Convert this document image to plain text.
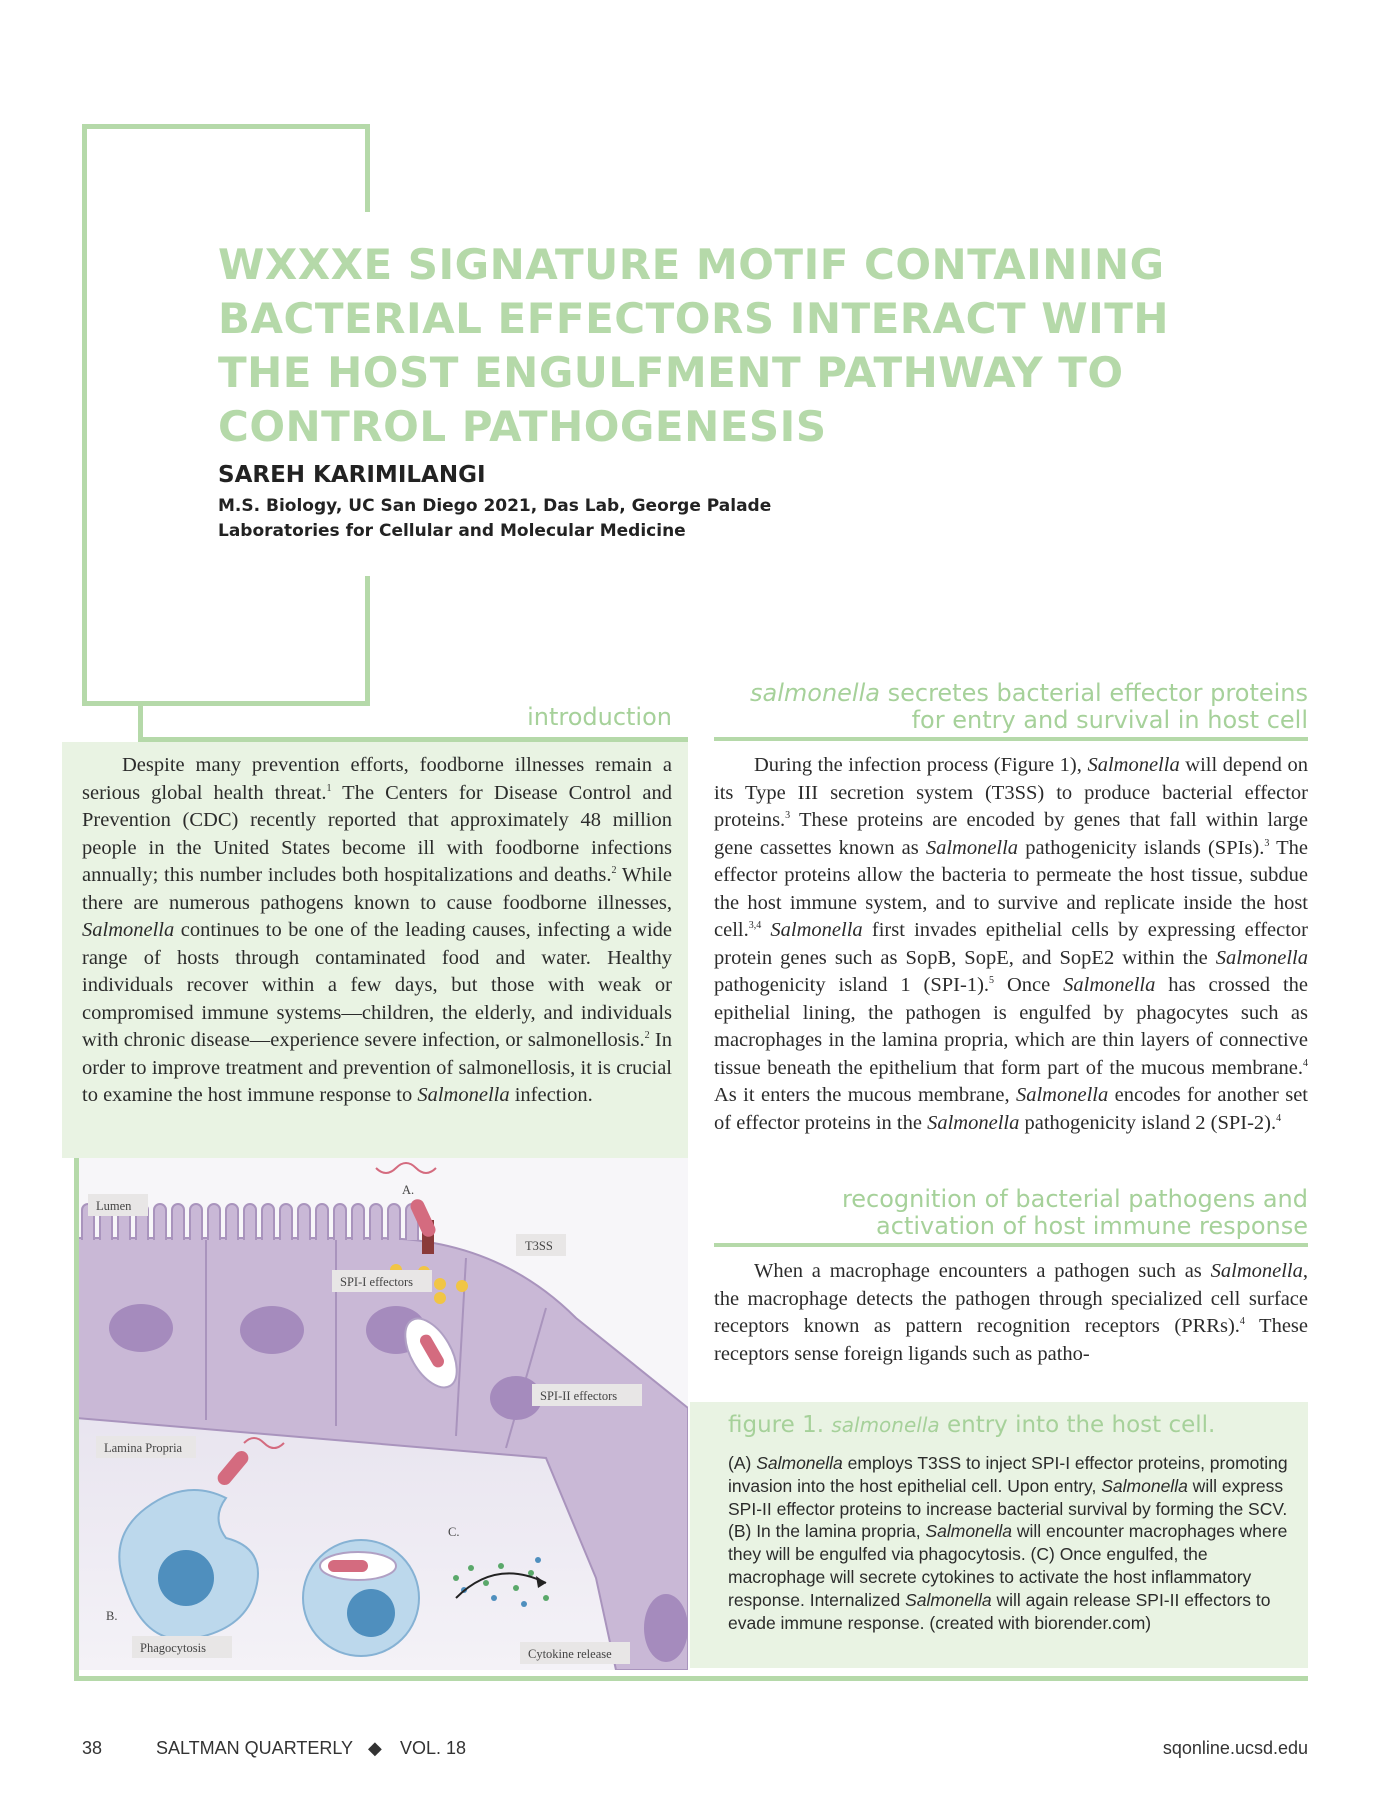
WXXXE SIGNATURE MOTIF CONTAINING BACTERIAL EFFECTORS INTERACT WITH THE HOST ENGULFMENT PATHWAY TO CONTROL PATHOGENESIS
SAREH KARIMILANGI
M.S. Biology, UC San Diego 2021, Das Lab, George Palade
Laboratories for Cellular and Molecular Medicine
introduction

Despite many prevention efforts, foodborne illnesses remain a serious global health threat.$^1$ The Centers for Disease Control and Prevention (CDC) recently reported that approximately 48 million people in the United States become ill with foodborne infections annually; this number includes both hospitalizations and deaths.$^2$ While there are numerous pathogens known to cause foodborne illnesses, Salmonella continues to be one of the leading causes, infecting a wide range of hosts through contaminated food and water. Healthy individuals recover within a few days, but those with weak or compromised immune systems—children, the elderly, and individuals with chronic disease—experience severe infection, or salmonellosis.$^2$ In order to improve treatment and prevention of salmonellosis, it is crucial to examine the host immune response to Salmonella infection.

salmonella secretes bacterial effector proteins
for entry and survival in host cell

During the infection process (Figure 1), Salmonella will depend on its Type III secretion system (T3SS) to produce bacterial effector proteins.$^3$ These proteins are encoded by genes that fall within large gene cassettes known as Salmonella pathogenicity islands (SPIs).$^3$ The effector proteins allow the bacteria to permeate the host tissue, subdue the host immune system, and to survive and replicate inside the host cell.$^{3,4}$ Salmonella first invades epithelial cells by expressing effector protein genes such as SopB, SopE, and SopE2 within the Salmonella pathogenicity island 1 (SPI-1).$^5$ Once Salmonella has crossed the epithelial lining, the pathogen is engulfed by phagocytes such as macrophages in the lamina propria, which are thin layers of connective tissue beneath the epithelium that form part of the mucous membrane.$^4$ As it enters the mucous membrane, Salmonella encodes for another set of effector proteins in the Salmonella pathogenicity island 2 (SPI-2).$^4$

recognition of bacterial pathogens and
activation of host immune response

When a macrophage encounters a pathogen such as Salmonella, the macrophage detects the pathogen through specialized cell surface receptors known as pattern recognition receptors (PRRs).$^4$ These receptors sense foreign ligands such as patho-

Lumen
A.
T3SS
SPI-I effectors
SPI-II effectors
Lamina Propria
C.
B.
Phagocytosis	Cytokine release
figure 1. salmonella entry into the host cell.
(A) Salmonella employs T3SS to inject SPI-I effector proteins, promoting invasion into the host epithelial cell. Upon entry, Salmonella will express SPI-II effector proteins to increase bacterial survival by forming the SCV. (B) In the lamina propria, Salmonella will encounter macrophages where they will be engulfed via phagocytosis. (C) Once engulfed, the macrophage will secrete cytokines to activate the host inflammatory response. Internalized Salmonella will again release SPI-II effectors to evade immune response. (created with biorender.com)
38	SALTMAN QUARTERLY ◆ VOL. 18	sqonline.ucsd.edu
